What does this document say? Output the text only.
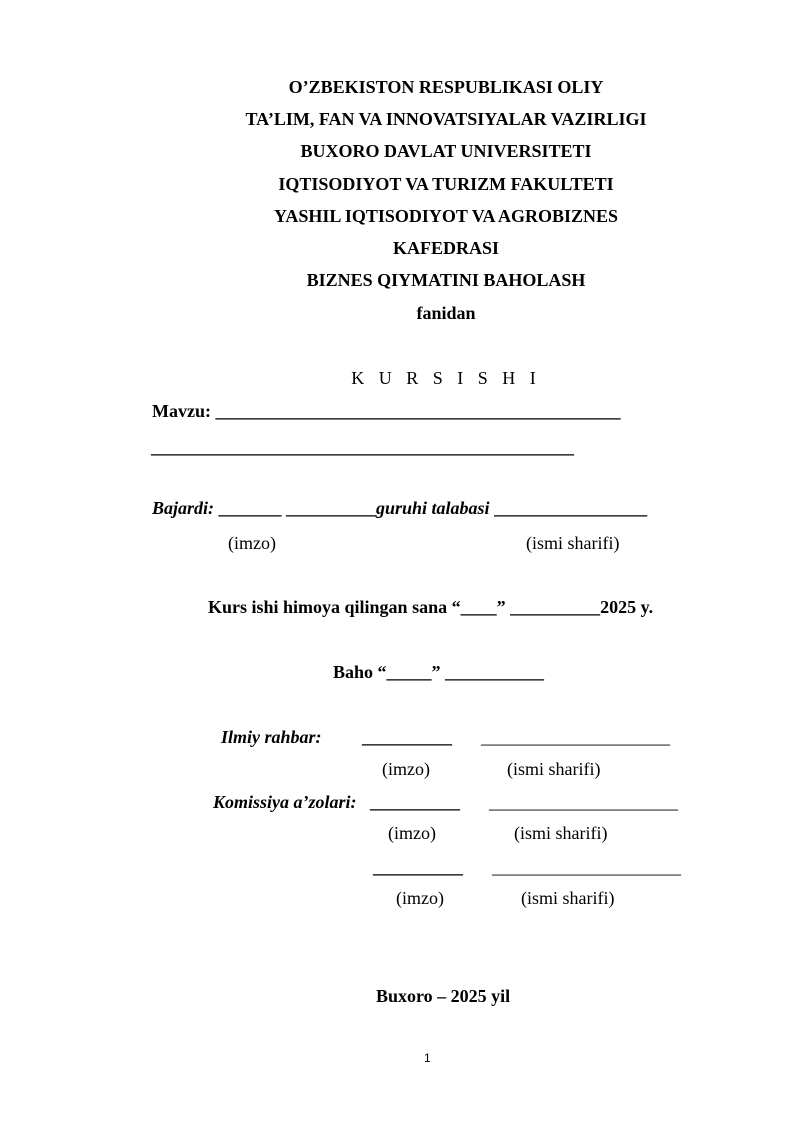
O’ZBEKISTON RESPUBLIKASI OLIY
TA’LIM, FAN VA INNOVATSIYALAR VAZIRLIGI
BUXORO DAVLAT UNIVERSITETI
IQTISODIYOT VA TURIZM FAKULTETI
YASHIL IQTISODIYOT VA AGROBIZNES
KAFEDRASI
BIZNES QIYMATINI BAHOLASH
fanidan
K U R S I S H I
Mavzu: _____________________________________________
_______________________________________________
Bajardi: _______ __________guruhi talabasi _________________
(imzo)	(ismi sharifi)
Kurs ishi himoya qilingan sana “____” __________2025 y.
Baho “_____” ___________
Ilmiy rahbar: __________ _____________________
(imzo)	(ismi sharifi)
Komissiya a’zolari: __________ _____________________
(imzo)	(ismi sharifi)
__________ _____________________
(imzo)	(ismi sharifi)
Buxoro – 2025 yil
1
